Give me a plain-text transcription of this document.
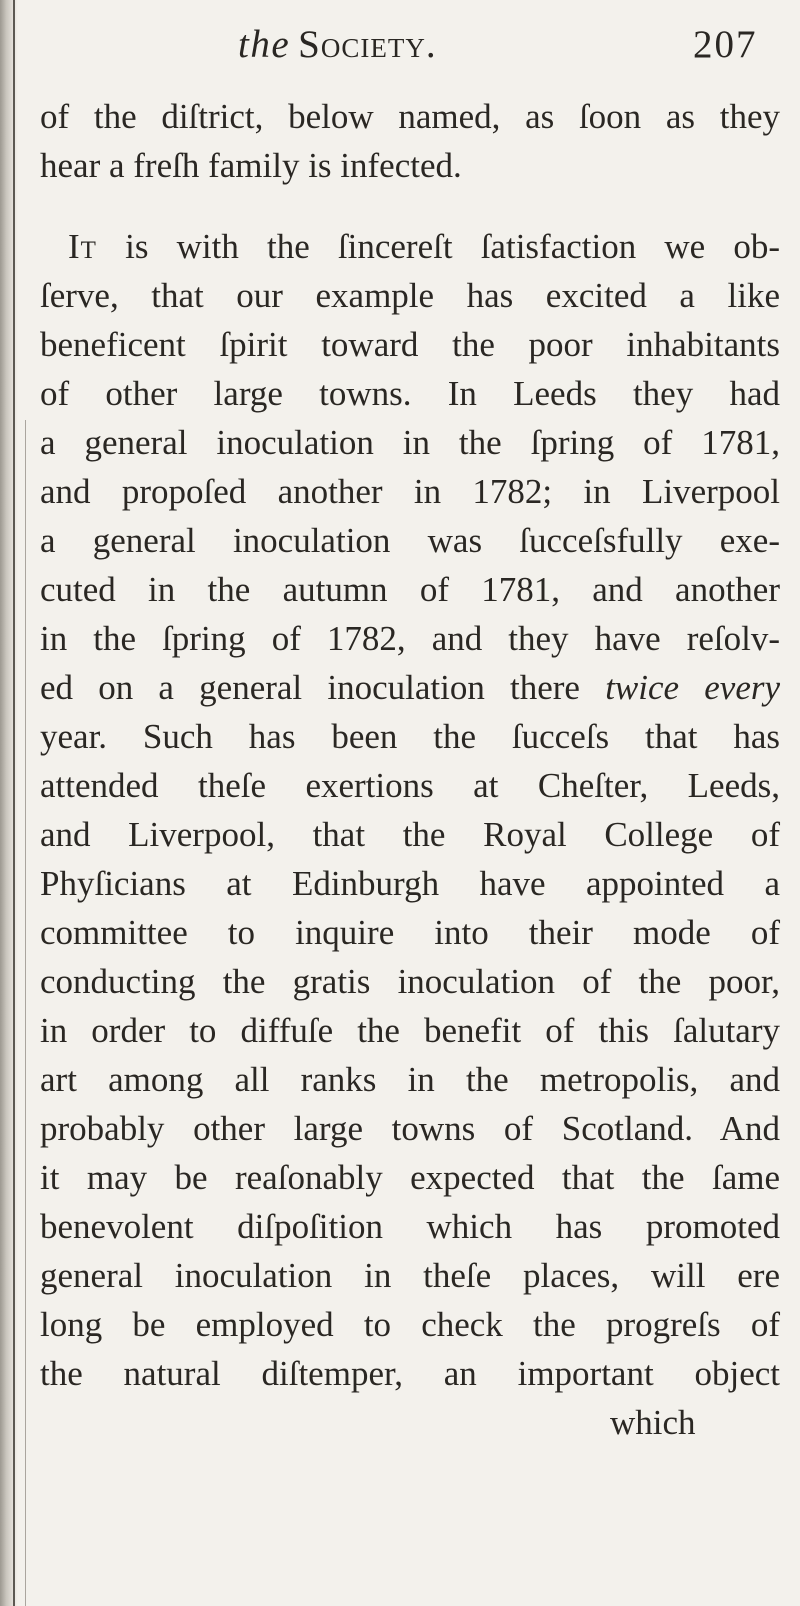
the Society.	207
of the diſtrict, below named, as ſoon as they
hear a freſh family is infected.
It is with the ſincereſt ſatisfaction we ob-
ſerve, that our example has excited a like
beneficent ſpirit toward the poor inhabitants
of other large towns. In Leeds they had
a general inoculation in the ſpring of 1781,
and propoſed another in 1782; in Liverpool
a general inoculation was ſucceſsfully exe-
cuted in the autumn of 1781, and another
in the ſpring of 1782, and they have reſolv-
ed on a general inoculation there twice every
year. Such has been the ſucceſs that has
attended theſe exertions at Cheſter, Leeds,
and Liverpool, that the Royal College of
Phyſicians at Edinburgh have appointed a
committee to inquire into their mode of
conducting the gratis inoculation of the poor,
in order to diffuſe the benefit of this ſalutary
art among all ranks in the metropolis, and
probably other large towns of Scotland. And
it may be reaſonably expected that the ſame
benevolent diſpoſition which has promoted
general inoculation in theſe places, will ere
long be employed to check the progreſs of
the natural diſtemper, an important object
which
